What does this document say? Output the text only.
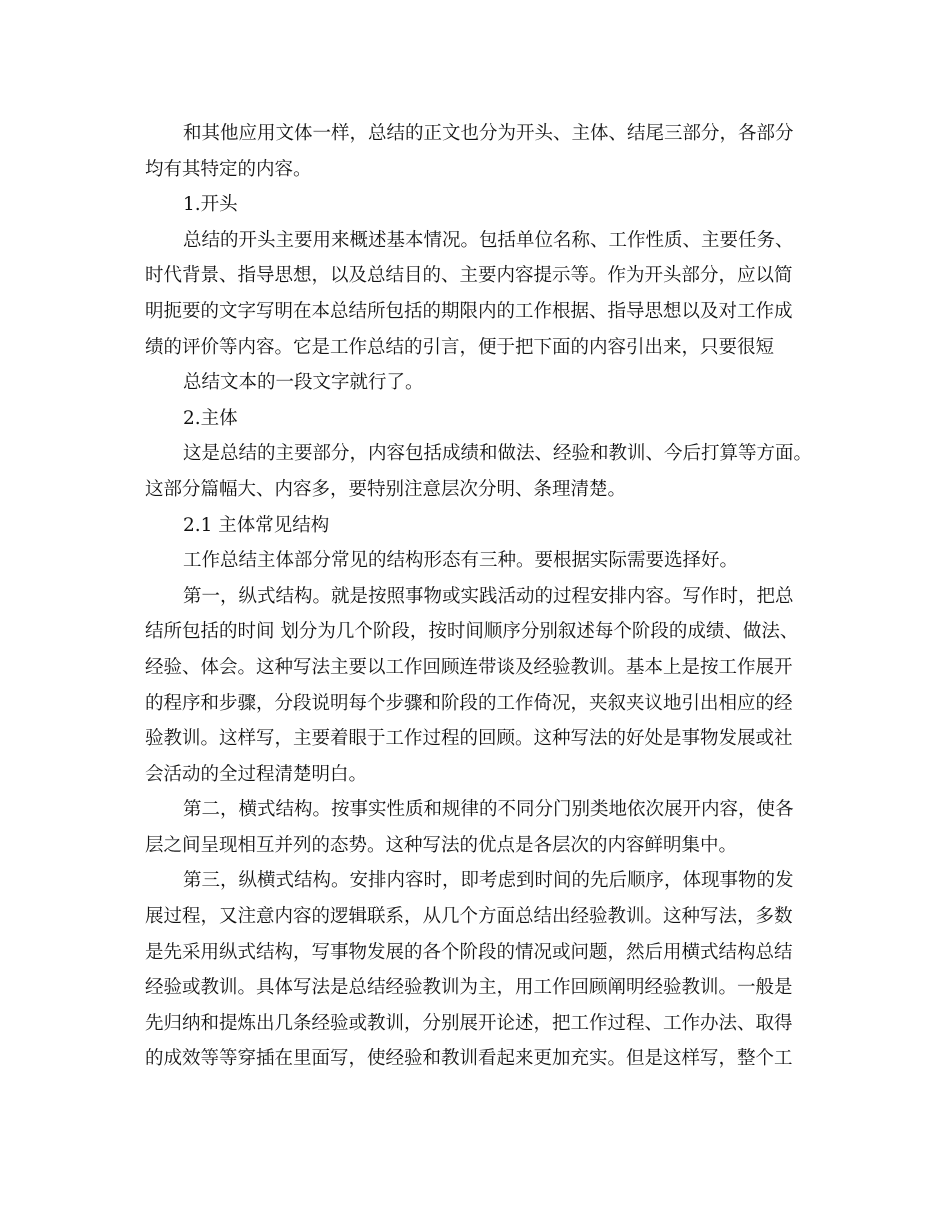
和其他应用文体一样，总结的正文也分为开头、主体、结尾三部分，各部分
均有其特定的内容。
1.开头
总结的开头主要用来概述基本情况。包括单位名称、工作性质、主要任务、
时代背景、指导思想，以及总结目的、主要内容提示等。作为开头部分，应以简
明扼要的文字写明在本总结所包括的期限内的工作根据、指导思想以及对工作成
绩的评价等内容。它是工作总结的引言，便于把下面的内容引出来，只要很短
总结文本的一段文字就行了。
2.主体
这是总结的主要部分，内容包括成绩和做法、经验和教训、今后打算等方面。
这部分篇幅大、内容多，要特别注意层次分明、条理清楚。
2.1 主体常见结构
工作总结主体部分常见的结构形态有三种。要根据实际需要选择好。
第一，纵式结构。就是按照事物或实践活动的过程安排内容。写作时，把总
结所包括的时间 划分为几个阶段，按时间顺序分别叙述每个阶段的成绩、做法、
经验、体会。这种写法主要以工作回顾连带谈及经验教训。基本上是按工作展开
的程序和步骤，分段说明每个步骤和阶段的工作倚况，夹叙夹议地引出相应的经
验教训。这样写，主要着眼于工作过程的回顾。这种写法的好处是事物发展或社
会活动的全过程清楚明白。
第二，横式结构。按事实性质和规律的不同分门别类地依次展开内容，使各
层之间呈现相互并列的态势。这种写法的优点是各层次的内容鲜明集中。
第三，纵横式结构。安排内容时，即考虑到时间的先后顺序，体现事物的发
展过程，又注意内容的逻辑联系，从几个方面总结出经验教训。这种写法，多数
是先采用纵式结构，写事物发展的各个阶段的情况或问题，然后用横式结构总结
经验或教训。具体写法是总结经验教训为主，用工作回顾阐明经验教训。一般是
先归纳和提炼出几条经验或教训，分别展开论述，把工作过程、工作办法、取得
的成效等等穿插在里面写，使经验和教训看起来更加充实。但是这样写，整个工
